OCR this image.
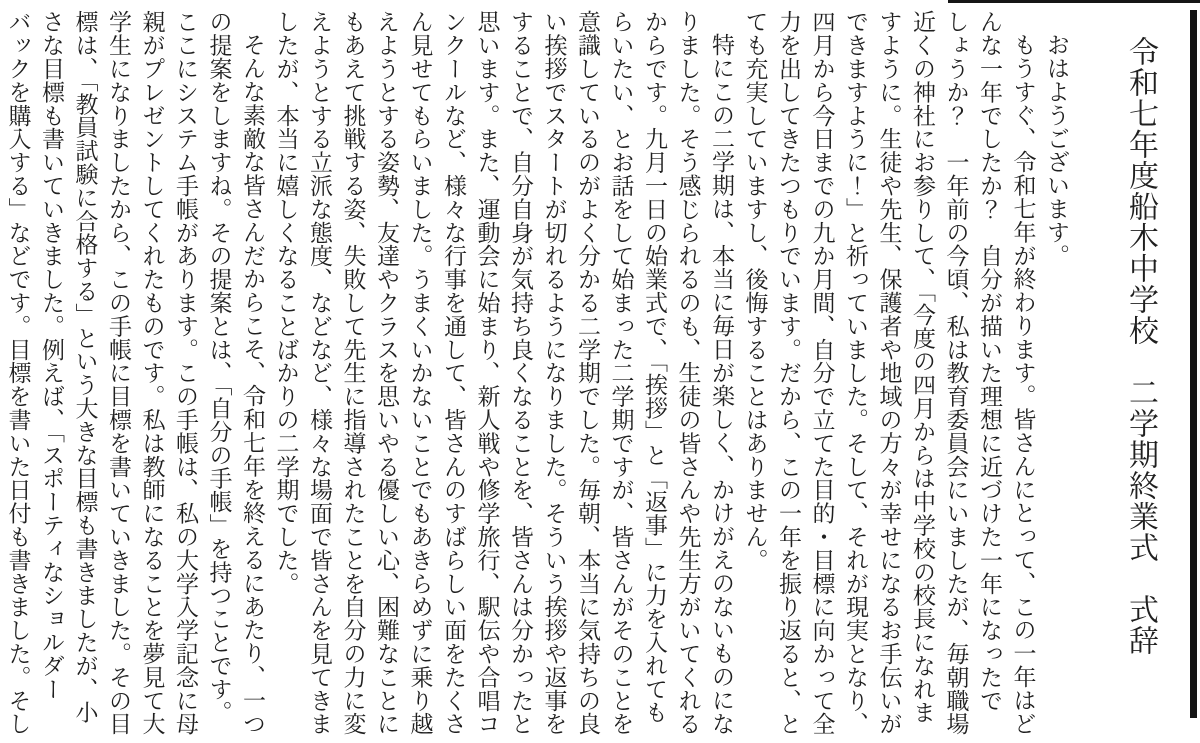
令和七年度船木中学校　二学期終業式　式辞

おはようございます。

もうすぐ、令和七年が終わります。皆さんにとって、この一年はどんな一年でしたか？　自分が描いた理想に近づけた一年になったでしょうか？　一年前の今頃、私は教育委員会にいましたが、毎朝職場近くの神社にお参りして、「今度の四月からは中学校の校長になれますように。生徒や先生、保護者や地域の方々が幸せになるお手伝いができますように！」と祈っていました。そして、それが現実となり、四月から今日までの九か月間、自分で立てた目的・目標に向かって全力を出してきたつもりでいます。だから、この一年を振り返ると、とても充実していますし、後悔することはありません。

特にこの二学期は、本当に毎日が楽しく、かけがえのないものになりました。そう感じられるのも、生徒の皆さんや先生方がいてくれるからです。九月一日の始業式で、「挨拶」と「返事」に力を入れてもらいたい、とお話をして始まった二学期ですが、皆さんがそのことを意識しているのがよく分かる二学期でした。毎朝、本当に気持ちの良い挨拶でスタートが切れるようになりました。そういう挨拶や返事をすることで、自分自身が気持ち良くなることを、皆さんは分かったと思います。また、運動会に始まり、新人戦や修学旅行、駅伝や合唱コンクールなど、様々な行事を通して、皆さんのすばらしい面をたくさん見せてもらいました。うまくいかないことでもあきらめずに乗り越えようとする姿勢、友達やクラスを思いやる優しい心、困難なことにもあえて挑戦する姿、失敗して先生に指導されたことを自分の力に変えようとする立派な態度、などなど、様々な場面で皆さんを見てきましたが、本当に嬉しくなることばかりの二学期でした。

そんな素敵な皆さんだからこそ、令和七年を終えるにあたり、一つの提案をしますね。その提案とは、「自分の手帳」を持つことです。ここにシステム手帳があります。この手帳は、私の大学入学記念に母親がプレゼントしてくれたものです。私は教師になることを夢見て大学生になりましたから、この手帳に目標を書いていきました。その目標は、「教員試験に合格する」という大きな目標も書きましたが、小さな目標も書いていきました。例えば、「スポーティなショルダーバックを購入する」などです。目標を書いた日付も書きました。そし
